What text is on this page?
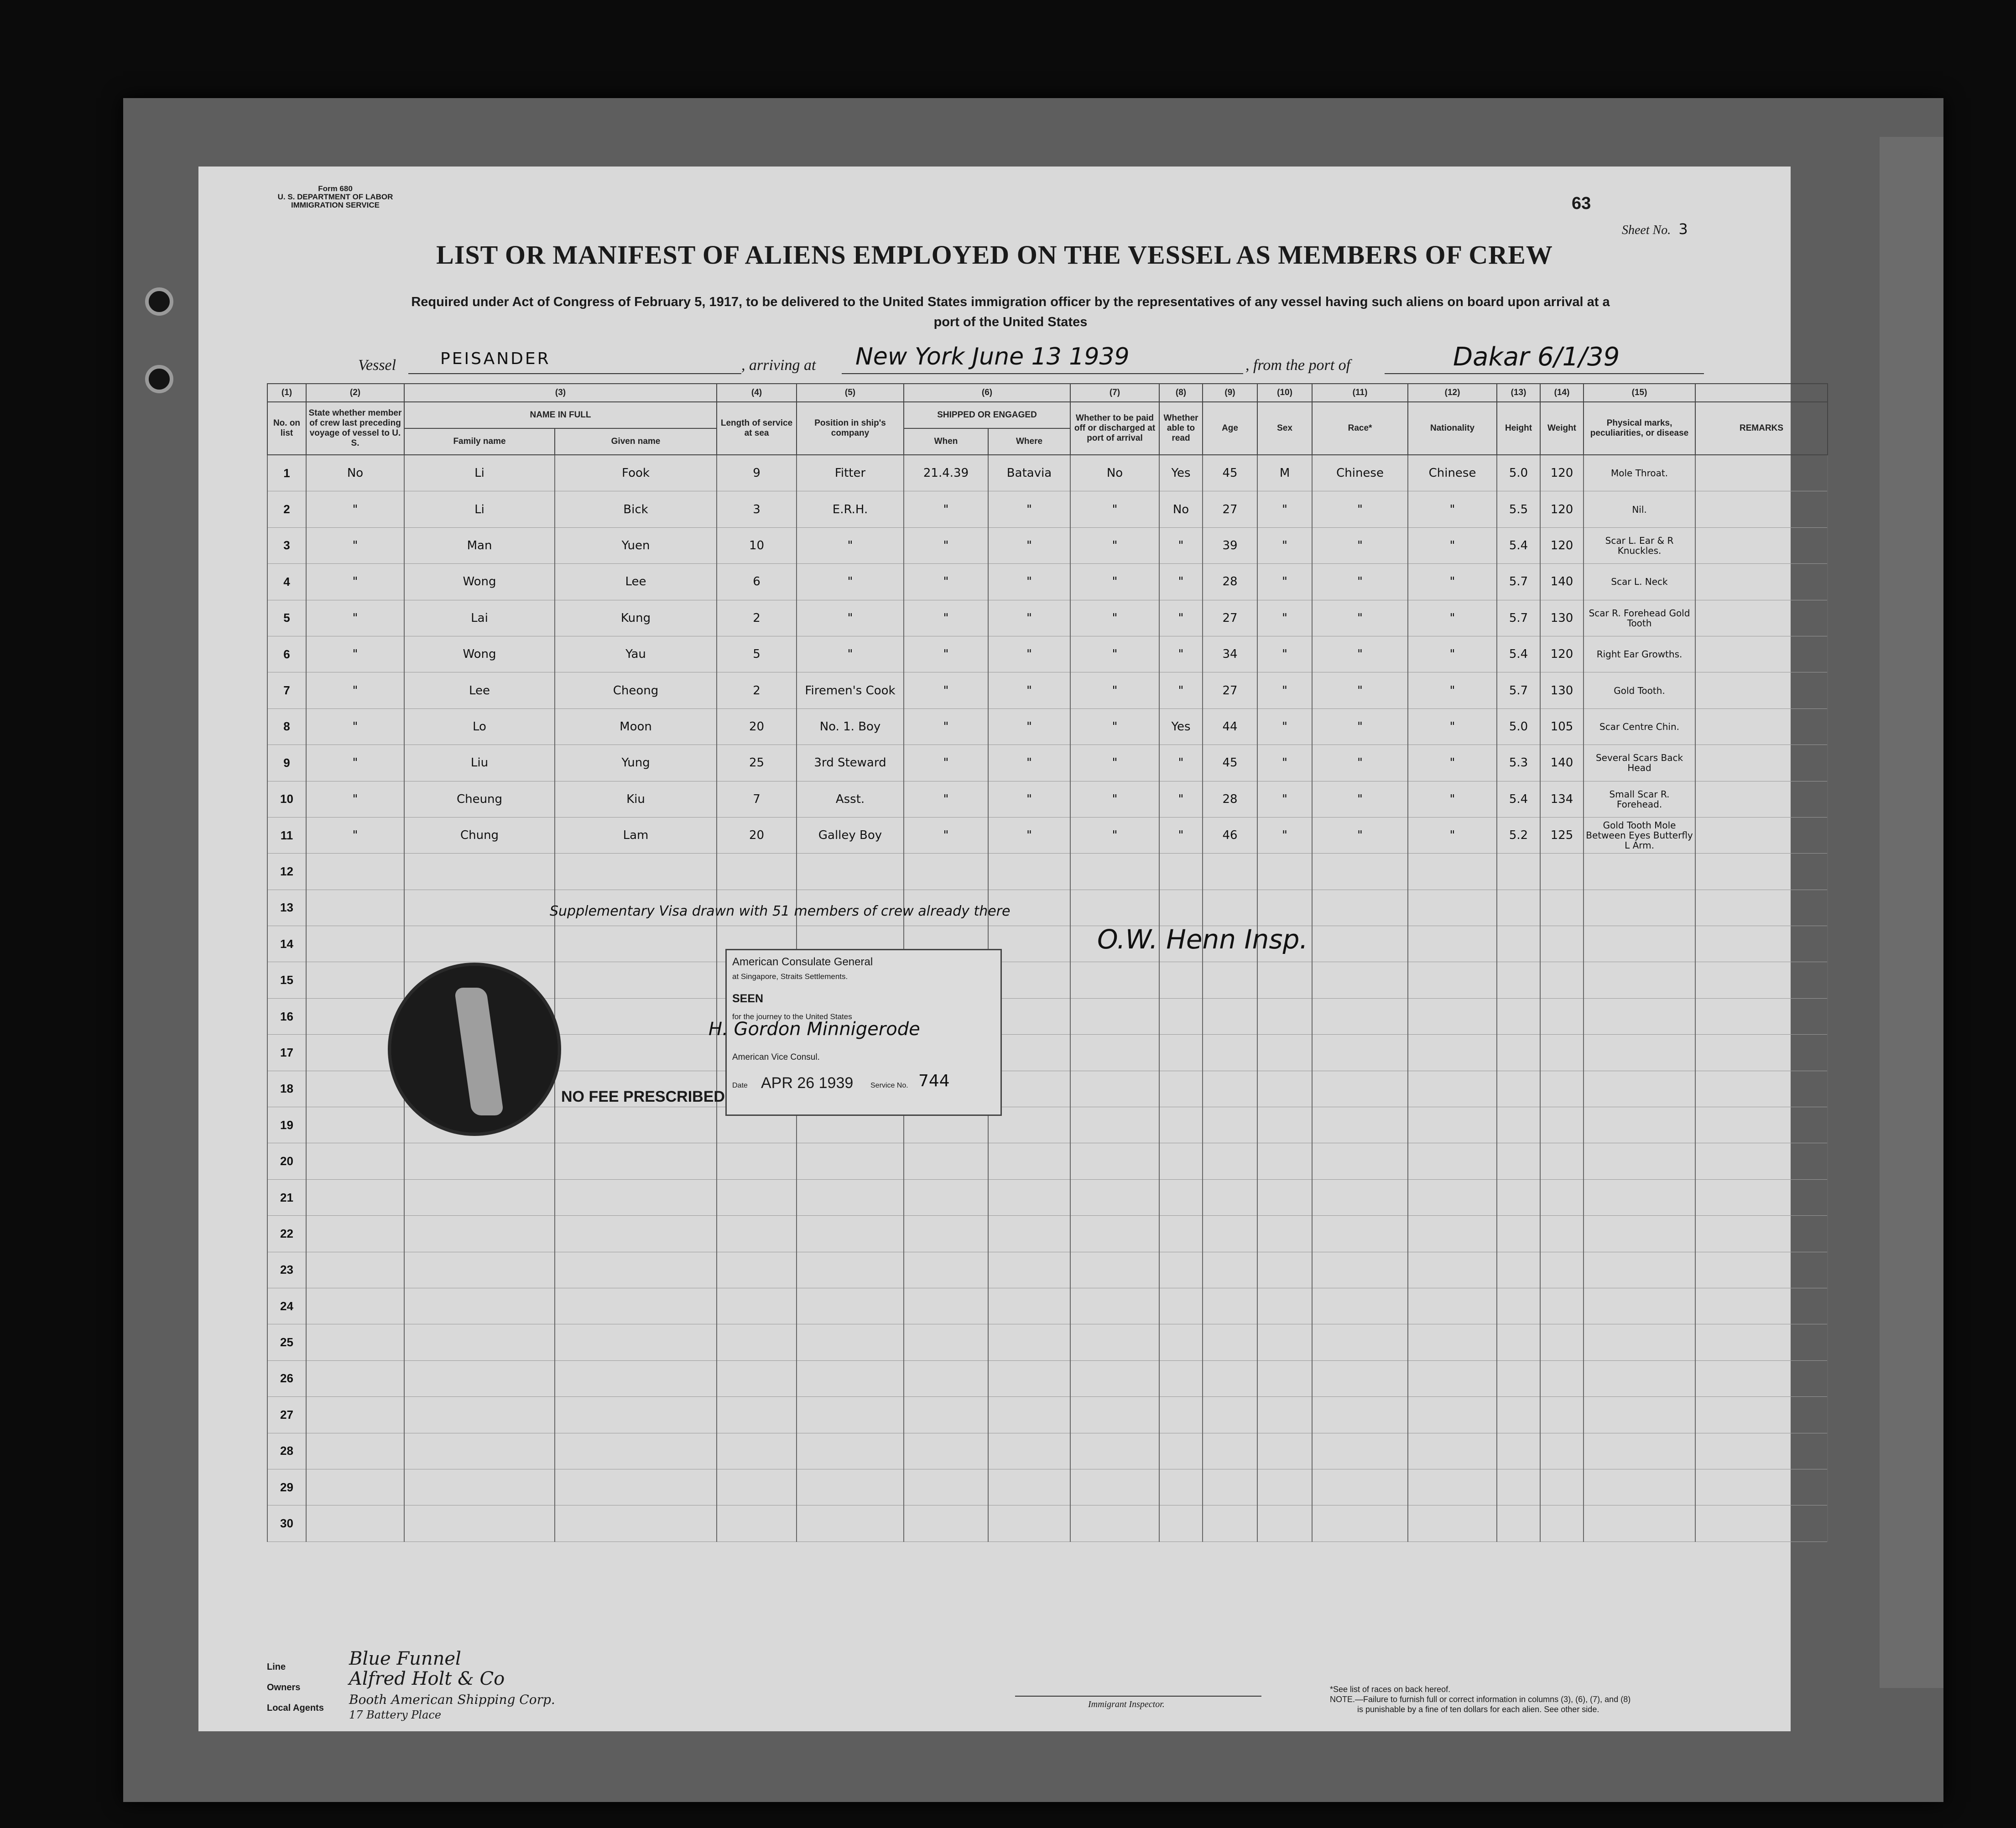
Form 680
U. S. DEPARTMENT OF LABOR
IMMIGRATION SERVICE	63
Sheet No. 3
LIST OR MANIFEST OF ALIENS EMPLOYED ON THE VESSEL AS MEMBERS OF CREW
Required under Act of Congress of February 5, 1917, to be delivered to the United States immigration officer by the representatives of any vessel having such aliens on board upon arrival at a
port of the United States
Vessel	PEISANDER	, arriving at New York June 13 1939	, from the port of	Dakar 6/1/39
(1)	(2)	(3)		(4)	(5)	(6)		(7)	(8)	(9)	(10)	(11)	(12)	(13)	(14)	(15)	
No. on list	State whether member of crew last preceding voyage of vessel to U. S.	NAME IN FULL		Length of service at sea	Position in ship's company	SHIPPED OR ENGAGED		Whether to be paid off or discharged at port of arrival	Whether able to read	Age	Sex	Race*	Nationality	Height	Weight	Physical marks, peculiarities, or disease	REMARKS
		Family name	Given name			When	Where										
1	No	Li	Fook	9	Fitter	21.4.39	Batavia	No	Yes	45	M	Chinese	Chinese	5.0	120	Mole Throat.	
2	"	Li	Bick	3	E.R.H.	"	"	"	No	27	"	"	"	5.5	120	Nil.	
3	"	Man	Yuen	10	"	"	"	"	"	39	"	"	"	5.4	120	Scar L. Ear & R Knuckles.	
4	"	Wong	Lee	6	"	"	"	"	"	28	"	"	"	5.7	140	Scar L. Neck	
5	"	Lai	Kung	2	"	"	"	"	"	27	"	"	"	5.7	130	Scar R. Forehead Gold Tooth	
6	"	Wong	Yau	5	"	"	"	"	"	34	"	"	"	5.4	120	Right Ear Growths.	
7	"	Lee	Cheong	2	Firemen's Cook	"	"	"	"	27	"	"	"	5.7	130	Gold Tooth.	
8	"	Lo	Moon	20	No. 1. Boy	"	"	"	Yes	44	"	"	"	5.0	105	Scar Centre Chin.	
9	"	Liu	Yung	25	3rd Steward	"	"	"	"	45	"	"	"	5.3	140	Several Scars Back Head	
10	"	Cheung	Kiu	7	Asst.	"	"	"	"	28	"	"	"	5.4	134	Small Scar R. Forehead.	
11	"	Chung	Lam	20	Galley Boy	"	"	"	"	46	"	"	"	5.2	125	Gold Tooth Mole Between Eyes Butterfly L Arm.	
12																	
13																	
14																	
15																	
16																	
17																	
18																	
19																	
20																	
21																	
22																	
23																	
24																	
25																	
26																	
27																	
28																	
29																	
30																	
Supplementary Visa drawn with 51 members of crew already there
O.W. Henn Insp.
NO FEE PRESCRIBED
American Consulate General
at Singapore, Straits Settlements.
SEEN
for the journey to the United States
H. Gordon Minnigerode
American Vice Consul.
Date APR 26 1939 Service No. 744
Line	Blue Funnel
Owners	Alfred Holt & Co
Local Agents
Booth American Shipping Corp.
17 Battery Place
Immigrant Inspector.
*See list of races on back hereof.
NOTE.—Failure to furnish full or correct information in columns (3), (6), (7), and (8)
is punishable by a fine of ten dollars for each alien. See other side.
